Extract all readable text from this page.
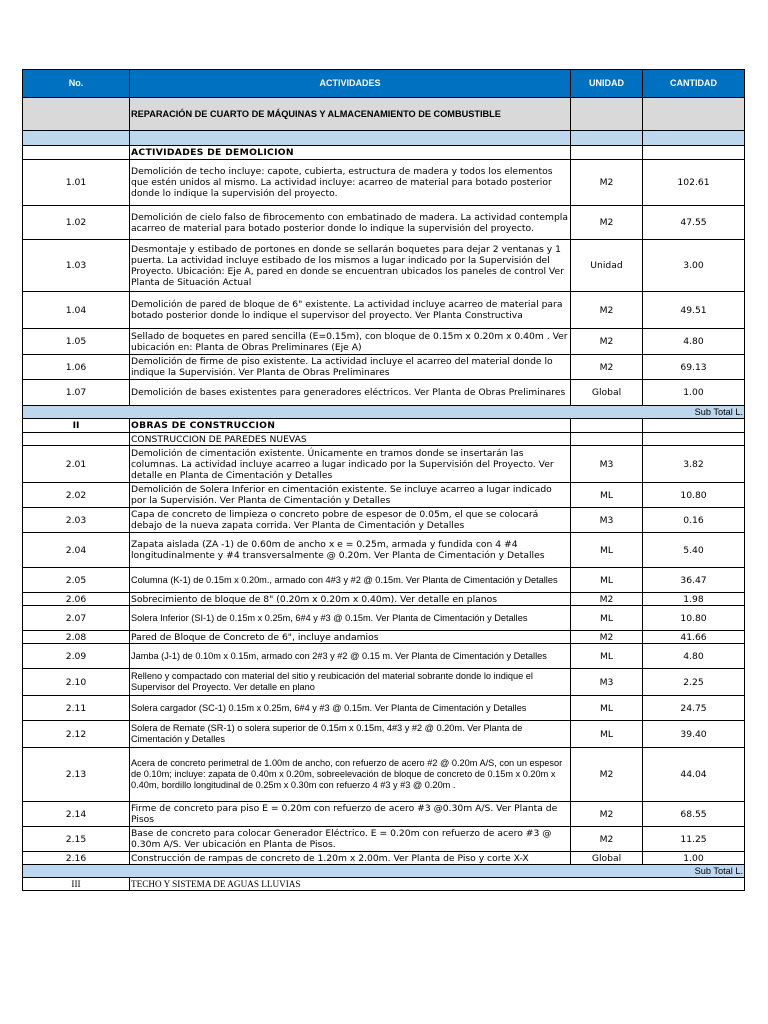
No.	ACTIVIDADES	UNIDAD	CANTIDAD
	REPARACIÓN DE CUARTO DE MÁQUINAS Y ALMACENAMIENTO DE COMBUSTIBLE		

	ACTIVIDADES DE DEMOLICION		
1.01	Demolición de techo incluye: capote, cubierta, estructura de madera y todos los elementos que estén unidos al mismo. La actividad incluye: acarreo de material para botado posterior donde lo indique la supervisión del proyecto.	M2	102.61
1.02	Demolición de cielo falso de fibrocemento con embatinado de madera. La actividad contempla acarreo de material para botado posterior donde lo indique la supervisión del proyecto.	M2	47.55
1.03	Desmontaje y estibado de portones en donde se sellarán boquetes para dejar 2 ventanas y 1 puerta. La actividad incluye estibado de los mismos a lugar indicado por la Supervisión del Proyecto. Ubicación: Eje A, pared en donde se encuentran ubicados los paneles de control Ver Planta de Situación Actual	Unidad	3.00
1.04	Demolición de pared de bloque de 6" existente. La actividad incluye acarreo de material para botado posterior donde lo indique el supervisor del proyecto. Ver Planta Constructiva	M2	49.51
1.05	Sellado de boquetes en pared sencilla (E=0.15m), con bloque de 0.15m x 0.20m x 0.40m . Ver ubicación en: Planta de Obras Preliminares (Eje A)	M2	4.80
1.06	Demolición de firme de piso existente. La actividad incluye el acarreo del material donde lo indique la Supervisión. Ver Planta de Obras Preliminares	M2	69.13
1.07	Demolición de bases existentes para generadores eléctricos. Ver Planta de Obras Preliminares	Global	1.00
Sub Total L.			
II	OBRAS DE CONSTRUCCION		
	CONSTRUCCION DE PAREDES NUEVAS		
2.01	Demolición de cimentación existente. Únicamente en tramos donde se insertarán las columnas. La actividad incluye acarreo a lugar indicado por la Supervisión del Proyecto. Ver detalle en Planta de Cimentación y Detalles	M3	3.82
2.02	Demolición de Solera Inferior en cimentación existente. Se incluye acarreo a lugar indicado por la Supervisión. Ver Planta de Cimentación y Detalles	ML	10.80
2.03	Capa de concreto de limpieza o concreto pobre de espesor de 0.05m, el que se colocará debajo de la nueva zapata corrida. Ver Planta de Cimentación y Detalles	M3	0.16
2.04	Zapata aislada (ZA -1) de 0.60m de ancho x e = 0.25m, armada y fundida con 4 #4 longitudinalmente y #4 transversalmente @ 0.20m. Ver Planta de Cimentación y Detalles	ML	5.40
2.05	Columna (K-1) de 0.15m x 0.20m., armado con 4#3 y #2 @ 0.15m. Ver Planta de Cimentación y Detalles	ML	36.47
2.06	Sobrecimiento de bloque de 8" (0.20m x 0.20m x 0.40m). Ver detalle en planos	M2	1.98
2.07	Solera Inferior (SI-1) de 0.15m x 0.25m, 6#4 y #3 @ 0.15m. Ver Planta de Cimentación y Detalles	ML	10.80
2.08	Pared de Bloque de Concreto de 6", incluye andamios	M2	41.66
2.09	Jamba (J-1) de 0.10m x 0.15m, armado con 2#3 y #2 @ 0.15 m. Ver Planta de Cimentación y Detalles	ML	4.80
2.10	Relleno y compactado con material del sitio y reubicación del material sobrante donde lo indique el Supervisor del Proyecto. Ver detalle en plano	M3	2.25
2.11	Solera cargador (SC-1) 0.15m x 0.25m, 6#4 y #3 @ 0.15m. Ver Planta de Cimentación y Detalles	ML	24.75
2.12	Solera de Remate (SR-1) o solera superior de 0.15m x 0.15m, 4#3 y #2 @ 0.20m. Ver Planta de Cimentación y Detalles	ML	39.40
2.13	Acera de concreto perimetral de 1.00m de ancho, con refuerzo de acero #2 @ 0.20m A/S, con un espesor de 0.10m; incluye: zapata de 0.40m x 0.20m, sobreelevación de bloque de concreto de 0.15m x 0.20m x 0.40m, bordillo longitudinal de 0.25m x 0.30m con refuerzo 4 #3 y #3 @ 0.20m .	M2	44.04
2.14	Firme de concreto para piso E = 0.20m con refuerzo de acero #3 @0.30m A/S. Ver Planta de Pisos	M2	68.55
2.15	Base de concreto para colocar Generador Eléctrico. E = 0.20m con refuerzo de acero #3 @ 0.30m A/S. Ver ubicación en Planta de Pisos.	M2	11.25
2.16	Construcción de rampas de concreto de 1.20m x 2.00m. Ver Planta de Piso y corte X-X	Global	1.00
Sub Total L.			
III	TECHO Y SISTEMA DE AGUAS LLUVIAS		
